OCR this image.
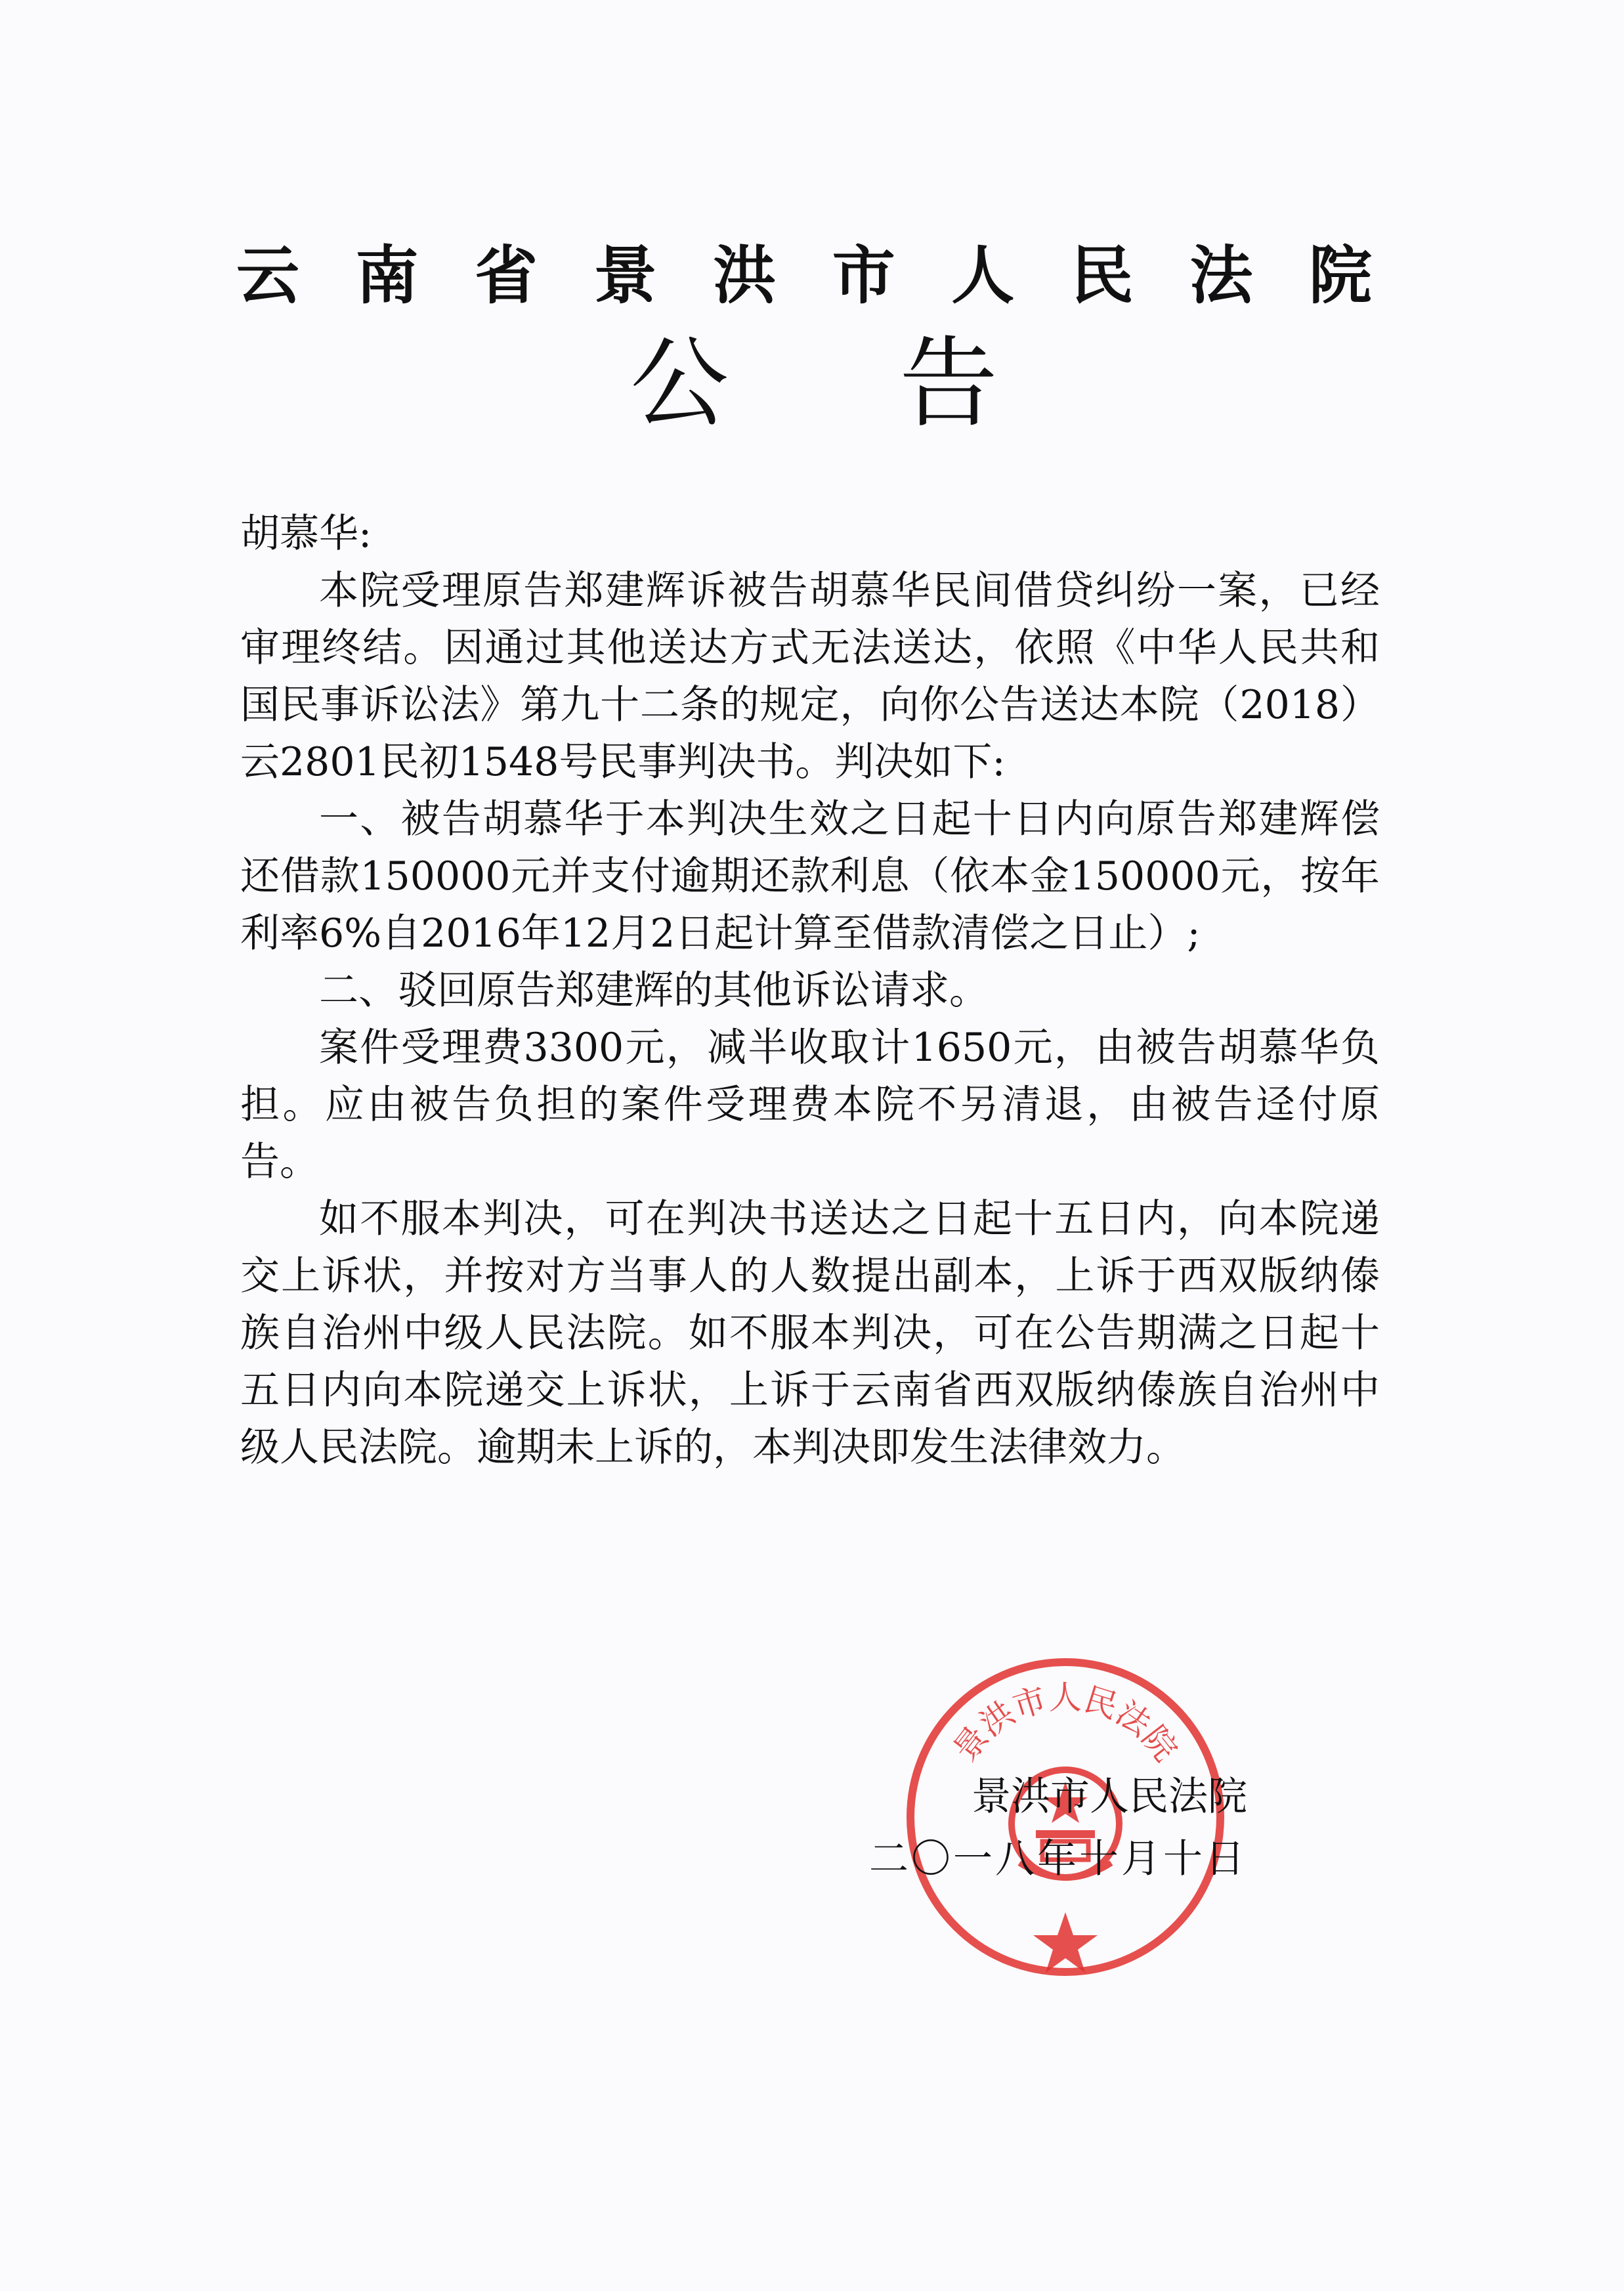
云 南 省 景 洪 市 人 民 法 院
公 告

胡慕华:

本院受理原告郑建辉诉被告胡慕华民间借贷纠纷一案，已经审理终结。因通过其他送达方式无法送达，依照《中华人民共和国民事诉讼法》第九十二条的规定，向你公告送达本院（2018）云2801民初1548号民事判决书。判决如下:

一、被告胡慕华于本判决生效之日起十日内向原告郑建辉偿还借款150000元并支付逾期还款利息（依本金150000元，按年利率6%自2016年12月2日起计算至借款清偿之日止）;

二、驳回原告郑建辉的其他诉讼请求。

案件受理费3300元，减半收取计1650元，由被告胡慕华负担。应由被告负担的案件受理费本院不另清退，由被告迳付原告。

如不服本判决，可在判决书送达之日起十五日内，向本院递交上诉状，并按对方当事人的人数提出副本，上诉于西双版纳傣族自治州中级人民法院。如不服本判决，可在公告期满之日起十五日内向本院递交上诉状，上诉于云南省西双版纳傣族自治州中级人民法院。逾期未上诉的，本判决即发生法律效力。

景洪市人民法院
景洪市人民法院
二〇一八年十月十日
